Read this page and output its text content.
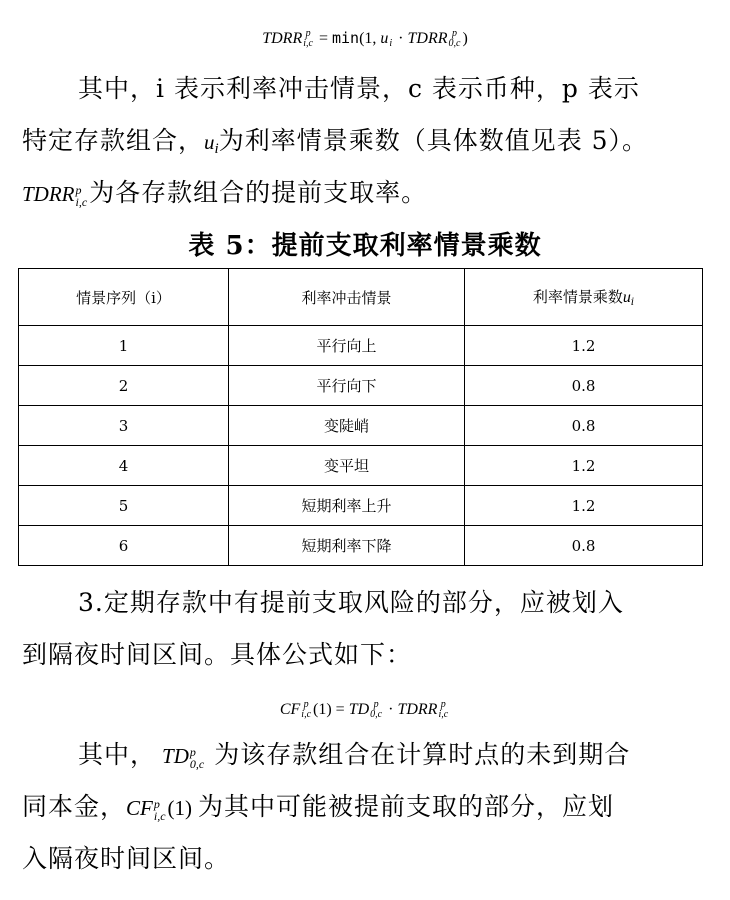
TDRR p
i,c = min(1, u i · TDRR p
0,c )
其中，i 表示利率冲击情景，c 表示币种，p 表示
特定存款组合，ui为利率情景乘数（具体数值见表 5）。
TDRR p
i,c 为各存款组合的提前支取率。
表 5：提前支取利率情景乘数
情景序列（i）	利率冲击情景	利率情景乘数$u_i$
1	平行向上	1.2
2	平行向下	0.8
3	变陡峭	0.8
4	变平坦	1.2
5	短期利率上升	1.2
6	短期利率下降	0.8
3.定期存款中有提前支取风险的部分，应被划入
到隔夜时间区间。具体公式如下：
CF p
i,c (1) = TD p
0,c · TDRR p
i,c
其中， TD p
0,c 为该存款组合在计算时点的未到期合
同本金，CF p
i,c (1) 为其中可能被提前支取的部分，应划
入隔夜时间区间。
